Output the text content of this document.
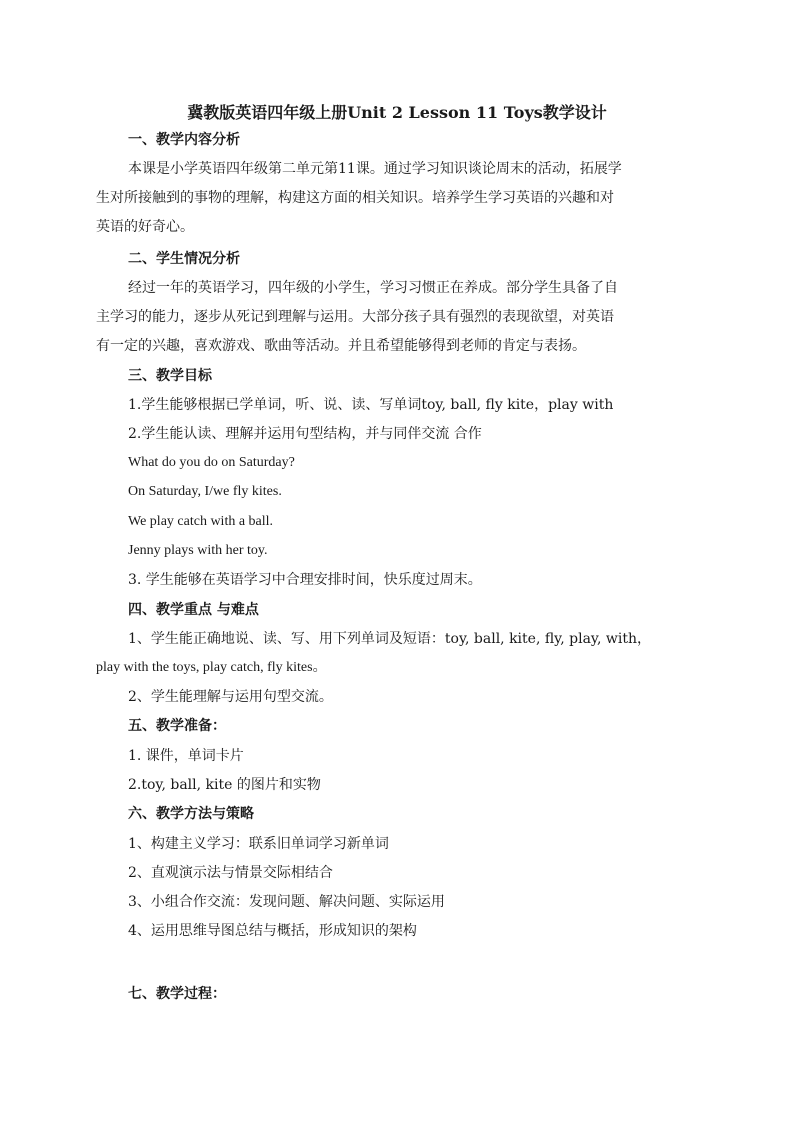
冀教版英语四年级上册Unit 2 Lesson 11 Toys教学设计
一、教学内容分析
本课是小学英语四年级第二单元第11课。通过学习知识谈论周末的活动，拓展学
生对所接触到的事物的理解，构建这方面的相关知识。培养学生学习英语的兴趣和对
英语的好奇心。
二、学生情况分析
经过一年的英语学习，四年级的小学生，学习习惯正在养成。部分学生具备了自
主学习的能力，逐步从死记到理解与运用。大部分孩子具有强烈的表现欲望，对英语
有一定的兴趣，喜欢游戏、歌曲等活动。并且希望能够得到老师的肯定与表扬。
三、教学目标
1.学生能够根据已学单词，听、说、读、写单词toy, ball, fly kite，play with
2.学生能认读、理解并运用句型结构，并与同伴交流 合作
What do you do on Saturday?
On Saturday, I/we fly kites.
We play catch with a ball.
Jenny plays with her toy.
3. 学生能够在英语学习中合理安排时间，快乐度过周末。
四、教学重点 与难点
1、学生能正确地说、读、写、用下列单词及短语：toy, ball, kite, fly, play, with，
play with the toys, play catch, fly kites。
2、学生能理解与运用句型交流。
五、教学准备：
1. 课件，单词卡片
2.toy, ball, kite 的图片和实物
六、教学方法与策略
1、构建主义学习：联系旧单词学习新单词
2、直观演示法与情景交际相结合
3、小组合作交流：发现问题、解决问题、实际运用
4、运用思维导图总结与概括，形成知识的架构
七、教学过程：
